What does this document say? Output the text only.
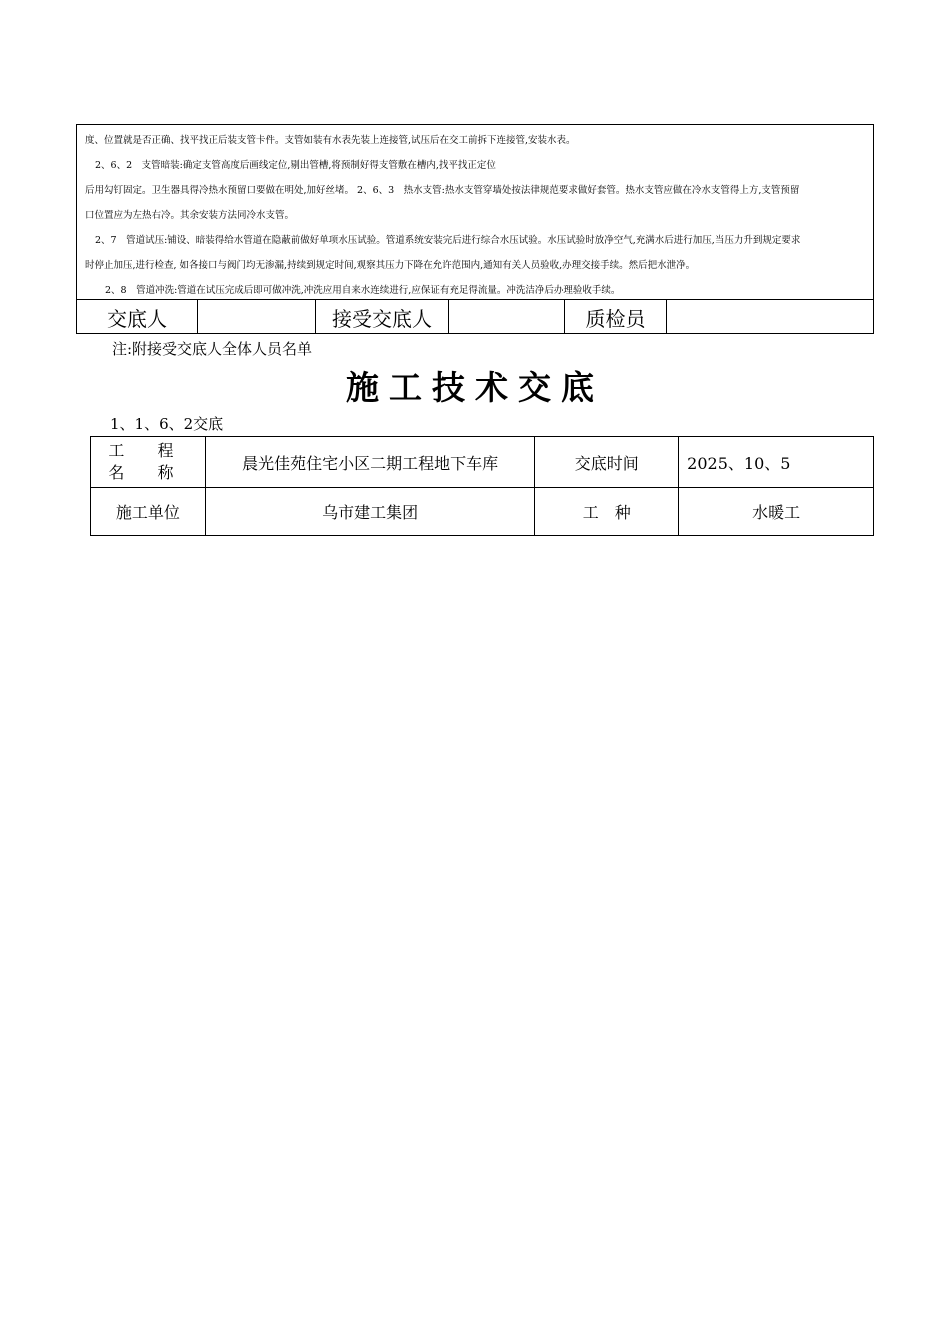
度、位置就是否正确、找平找正后装支管卡件。支管如装有水表先装上连接管,试压后在交工前拆下连接管,安装水表。

2、6、2　支管暗装:确定支管高度后画线定位,剔出管槽,将预制好得支管敷在槽内,找平找正定位

后用勾钉固定。卫生器具得冷热水预留口要做在明处,加好丝堵。 2、6、3　热水支管:热水支管穿墙处按法律规范要求做好套管。热水支管应做在冷水支管得上方,支管预留

口位置应为左热右冷。其余安装方法同冷水支管。

2、7　管道试压:铺设、暗装得给水管道在隐蔽前做好单项水压试验。管道系统安装完后进行综合水压试验。水压试验时放净空气,充满水后进行加压,当压力升到规定要求

时停止加压,进行检查, 如各接口与阀门均无渗漏,持续到规定时间,观察其压力下降在允许范围内,通知有关人员验收,办理交接手续。然后把水泄净。

2、8　管道冲洗:管道在试压完成后即可做冲洗,冲洗应用自来水连续进行,应保证有充足得流量。冲洗洁净后办理验收手续。

交底人	接受交底人	质检员
注:附接受交底人全体人员名单
施工技术交底
1、1、6、2交底
工 程
名 称	晨光佳苑住宅小区二期工程地下车库	交底时间	2025、10、5
施工单位	乌市建工集团	工　种	水暖工
